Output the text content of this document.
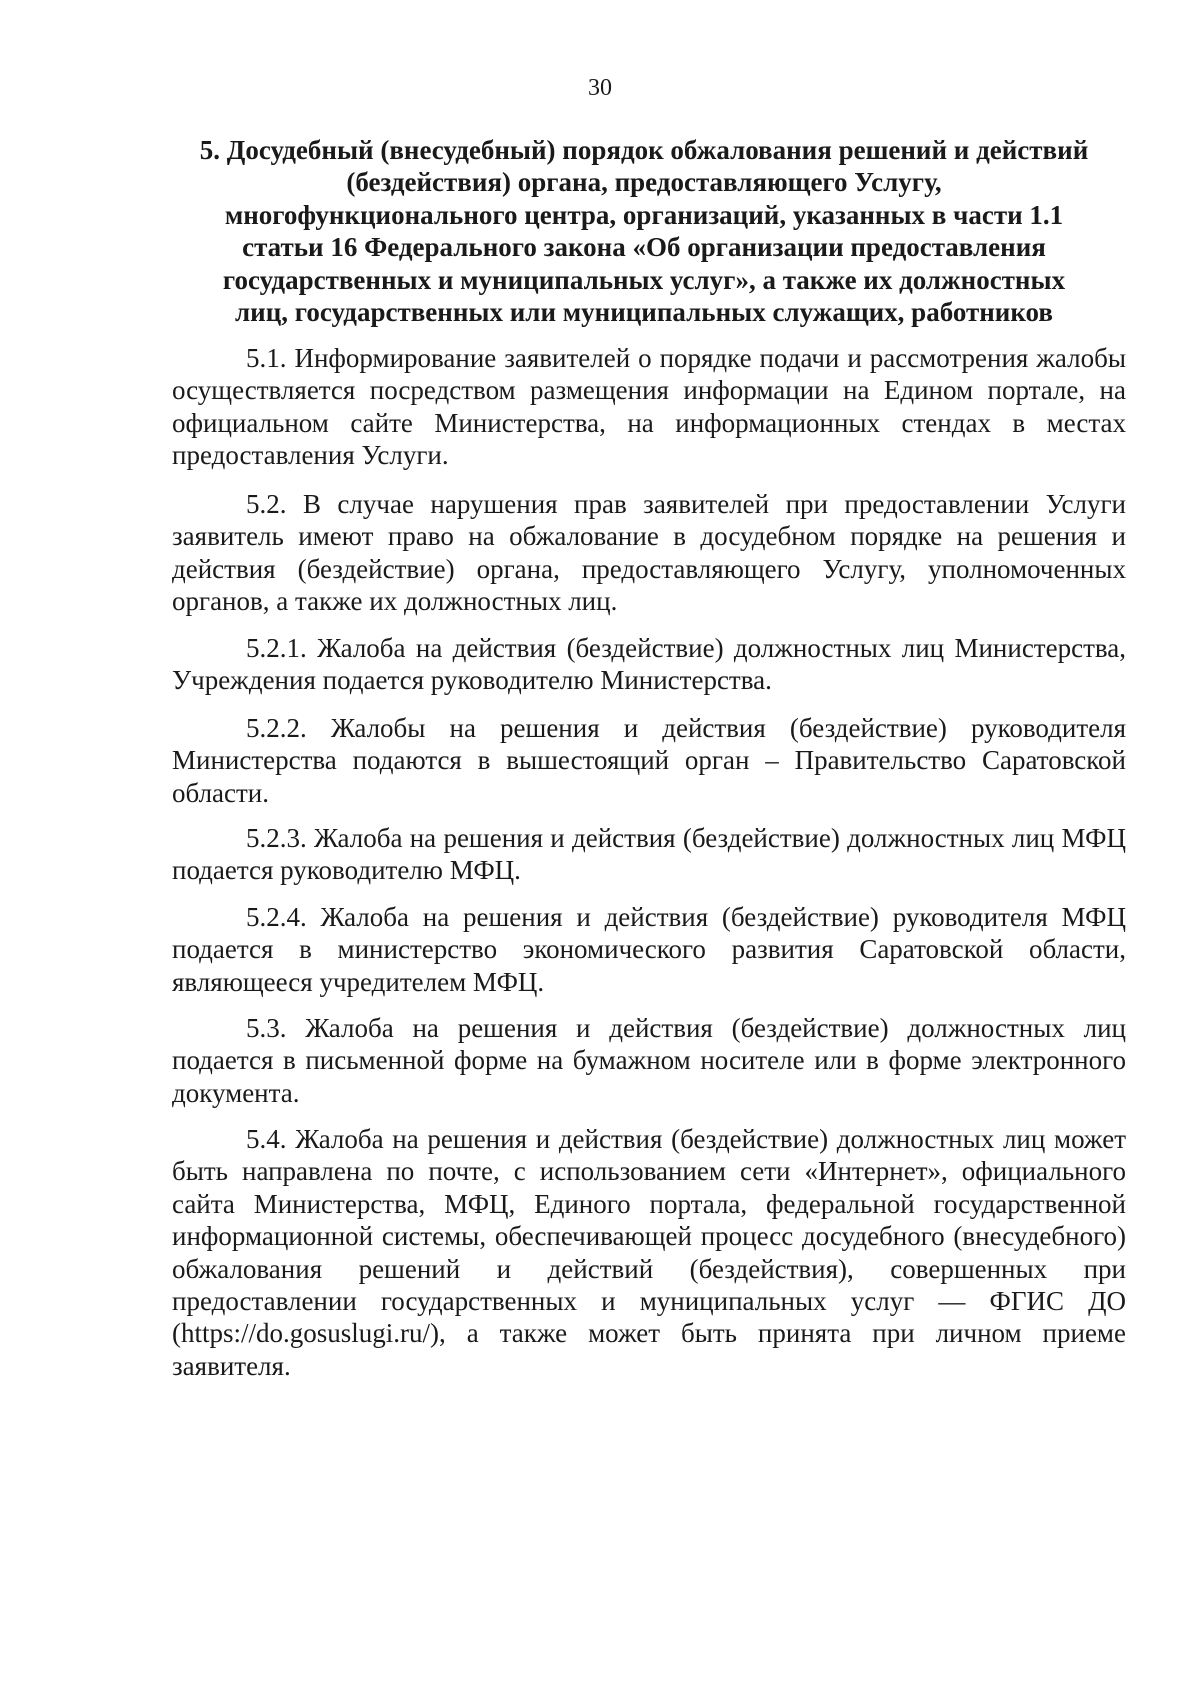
30
5. Досудебный (внесудебный) порядок обжалования решений и действий
(бездействия) органа, предоставляющего Услугу,
многофункционального центра, организаций, указанных в части 1.1
статьи 16 Федерального закона «Об организации предоставления
государственных и муниципальных услуг», а также их должностных
лиц, государственных или муниципальных служащих, работников

5.1. Информирование заявителей о порядке подачи и рассмотрения жалобы осуществляется посредством размещения информации на Едином портале, на официальном сайте Министерства, на информационных стендах в местах предоставления Услуги.

5.2. В случае нарушения прав заявителей при предоставлении Услуги заявитель имеют право на обжалование в досудебном порядке на решения и действия (бездействие) органа, предоставляющего Услугу, уполномоченных органов, а также их должностных лиц.

5.2.1. Жалоба на действия (бездействие) должностных лиц Министерства, Учреждения подается руководителю Министерства.

5.2.2. Жалобы на решения и действия (бездействие) руководителя Министерства подаются в вышестоящий орган – Правительство Саратовской области.

5.2.3. Жалоба на решения и действия (бездействие) должностных лиц МФЦ подается руководителю МФЦ.

5.2.4. Жалоба на решения и действия (бездействие) руководителя МФЦ подается в министерство экономического развития Саратовской области, являющееся учредителем МФЦ.

5.3. Жалоба на решения и действия (бездействие) должностных лиц подается в письменной форме на бумажном носителе или в форме электронного документа.

5.4. Жалоба на решения и действия (бездействие) должностных лиц может быть направлена по почте, с использованием сети «Интернет», официального сайта Министерства, МФЦ, Единого портала, федеральной государственной информационной системы, обеспечивающей процесс досудебного (внесудебного) обжалования решений и действий (бездействия), совершенных при предоставлении государственных и муниципальных услуг — ФГИС ДО (https://do.gosuslugi.ru/), а также может быть принята при личном приеме заявителя.
